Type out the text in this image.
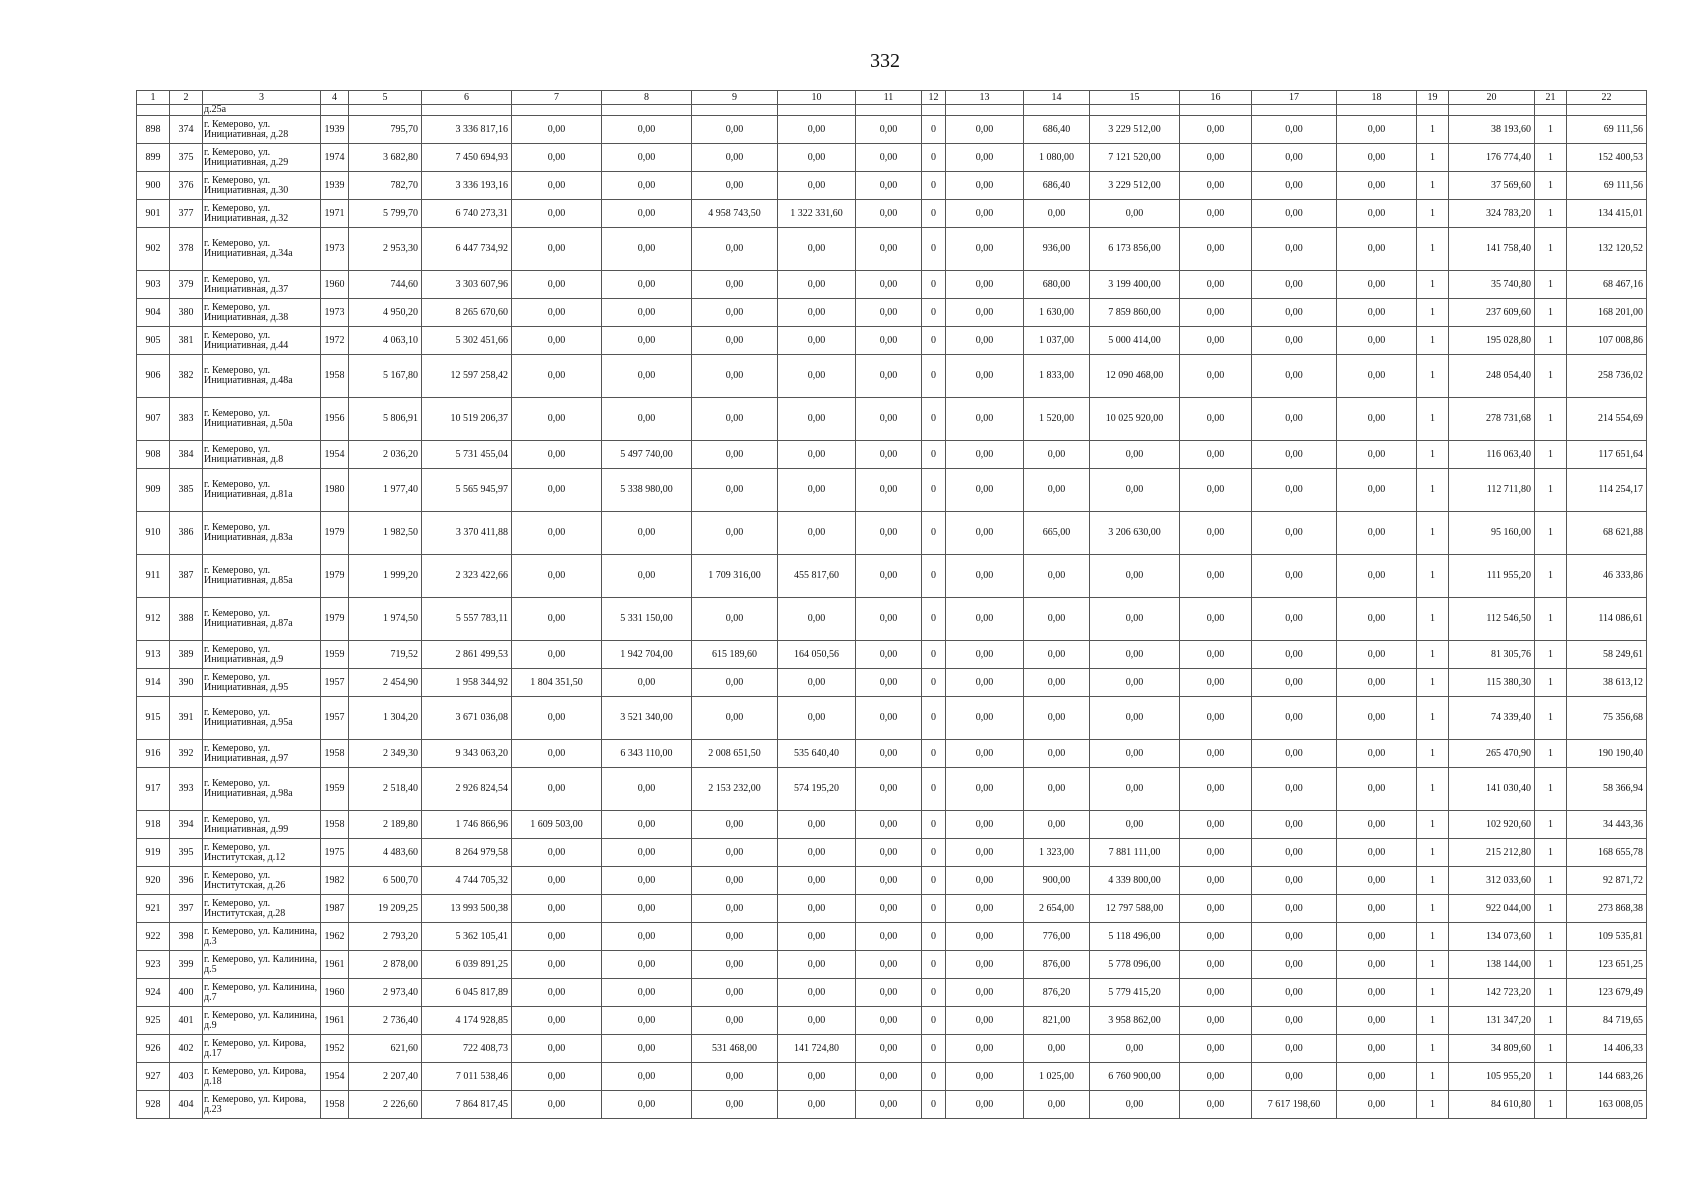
332
1	2	3	4	5	6	7	8	9	10	11	12	13	14	15	16	17	18	19	20	21	22
		д.25а																			
898	374	г. Кемерово, ул. Инициативная, д.28	1939	795,70	3 336 817,16	0,00	0,00	0,00	0,00	0,00	0	0,00	686,40	3 229 512,00	0,00	0,00	0,00	1	38 193,60	1	69 111,56
899	375	г. Кемерово, ул. Инициативная, д.29	1974	3 682,80	7 450 694,93	0,00	0,00	0,00	0,00	0,00	0	0,00	1 080,00	7 121 520,00	0,00	0,00	0,00	1	176 774,40	1	152 400,53
900	376	г. Кемерово, ул. Инициативная, д.30	1939	782,70	3 336 193,16	0,00	0,00	0,00	0,00	0,00	0	0,00	686,40	3 229 512,00	0,00	0,00	0,00	1	37 569,60	1	69 111,56
901	377	г. Кемерово, ул. Инициативная, д.32	1971	5 799,70	6 740 273,31	0,00	0,00	4 958 743,50	1 322 331,60	0,00	0	0,00	0,00	0,00	0,00	0,00	0,00	1	324 783,20	1	134 415,01
902	378	г. Кемерово, ул. Инициативная, д.34а	1973	2 953,30	6 447 734,92	0,00	0,00	0,00	0,00	0,00	0	0,00	936,00	6 173 856,00	0,00	0,00	0,00	1	141 758,40	1	132 120,52
903	379	г. Кемерово, ул. Инициативная, д.37	1960	744,60	3 303 607,96	0,00	0,00	0,00	0,00	0,00	0	0,00	680,00	3 199 400,00	0,00	0,00	0,00	1	35 740,80	1	68 467,16
904	380	г. Кемерово, ул. Инициативная, д.38	1973	4 950,20	8 265 670,60	0,00	0,00	0,00	0,00	0,00	0	0,00	1 630,00	7 859 860,00	0,00	0,00	0,00	1	237 609,60	1	168 201,00
905	381	г. Кемерово, ул. Инициативная, д.44	1972	4 063,10	5 302 451,66	0,00	0,00	0,00	0,00	0,00	0	0,00	1 037,00	5 000 414,00	0,00	0,00	0,00	1	195 028,80	1	107 008,86
906	382	г. Кемерово, ул. Инициативная, д.48а	1958	5 167,80	12 597 258,42	0,00	0,00	0,00	0,00	0,00	0	0,00	1 833,00	12 090 468,00	0,00	0,00	0,00	1	248 054,40	1	258 736,02
907	383	г. Кемерово, ул. Инициативная, д.50а	1956	5 806,91	10 519 206,37	0,00	0,00	0,00	0,00	0,00	0	0,00	1 520,00	10 025 920,00	0,00	0,00	0,00	1	278 731,68	1	214 554,69
908	384	г. Кемерово, ул. Инициативная, д.8	1954	2 036,20	5 731 455,04	0,00	5 497 740,00	0,00	0,00	0,00	0	0,00	0,00	0,00	0,00	0,00	0,00	1	116 063,40	1	117 651,64
909	385	г. Кемерово, ул. Инициативная, д.81а	1980	1 977,40	5 565 945,97	0,00	5 338 980,00	0,00	0,00	0,00	0	0,00	0,00	0,00	0,00	0,00	0,00	1	112 711,80	1	114 254,17
910	386	г. Кемерово, ул. Инициативная, д.83а	1979	1 982,50	3 370 411,88	0,00	0,00	0,00	0,00	0,00	0	0,00	665,00	3 206 630,00	0,00	0,00	0,00	1	95 160,00	1	68 621,88
911	387	г. Кемерово, ул. Инициативная, д.85а	1979	1 999,20	2 323 422,66	0,00	0,00	1 709 316,00	455 817,60	0,00	0	0,00	0,00	0,00	0,00	0,00	0,00	1	111 955,20	1	46 333,86
912	388	г. Кемерово, ул. Инициативная, д.87а	1979	1 974,50	5 557 783,11	0,00	5 331 150,00	0,00	0,00	0,00	0	0,00	0,00	0,00	0,00	0,00	0,00	1	112 546,50	1	114 086,61
913	389	г. Кемерово, ул. Инициативная, д.9	1959	719,52	2 861 499,53	0,00	1 942 704,00	615 189,60	164 050,56	0,00	0	0,00	0,00	0,00	0,00	0,00	0,00	1	81 305,76	1	58 249,61
914	390	г. Кемерово, ул. Инициативная, д.95	1957	2 454,90	1 958 344,92	1 804 351,50	0,00	0,00	0,00	0,00	0	0,00	0,00	0,00	0,00	0,00	0,00	1	115 380,30	1	38 613,12
915	391	г. Кемерово, ул. Инициативная, д.95а	1957	1 304,20	3 671 036,08	0,00	3 521 340,00	0,00	0,00	0,00	0	0,00	0,00	0,00	0,00	0,00	0,00	1	74 339,40	1	75 356,68
916	392	г. Кемерово, ул. Инициативная, д.97	1958	2 349,30	9 343 063,20	0,00	6 343 110,00	2 008 651,50	535 640,40	0,00	0	0,00	0,00	0,00	0,00	0,00	0,00	1	265 470,90	1	190 190,40
917	393	г. Кемерово, ул. Инициативная, д.98а	1959	2 518,40	2 926 824,54	0,00	0,00	2 153 232,00	574 195,20	0,00	0	0,00	0,00	0,00	0,00	0,00	0,00	1	141 030,40	1	58 366,94
918	394	г. Кемерово, ул. Инициативная, д.99	1958	2 189,80	1 746 866,96	1 609 503,00	0,00	0,00	0,00	0,00	0	0,00	0,00	0,00	0,00	0,00	0,00	1	102 920,60	1	34 443,36
919	395	г. Кемерово, ул. Институтская, д.12	1975	4 483,60	8 264 979,58	0,00	0,00	0,00	0,00	0,00	0	0,00	1 323,00	7 881 111,00	0,00	0,00	0,00	1	215 212,80	1	168 655,78
920	396	г. Кемерово, ул. Институтская, д.26	1982	6 500,70	4 744 705,32	0,00	0,00	0,00	0,00	0,00	0	0,00	900,00	4 339 800,00	0,00	0,00	0,00	1	312 033,60	1	92 871,72
921	397	г. Кемерово, ул. Институтская, д.28	1987	19 209,25	13 993 500,38	0,00	0,00	0,00	0,00	0,00	0	0,00	2 654,00	12 797 588,00	0,00	0,00	0,00	1	922 044,00	1	273 868,38
922	398	г. Кемерово, ул. Калинина, д.3	1962	2 793,20	5 362 105,41	0,00	0,00	0,00	0,00	0,00	0	0,00	776,00	5 118 496,00	0,00	0,00	0,00	1	134 073,60	1	109 535,81
923	399	г. Кемерово, ул. Калинина, д.5	1961	2 878,00	6 039 891,25	0,00	0,00	0,00	0,00	0,00	0	0,00	876,00	5 778 096,00	0,00	0,00	0,00	1	138 144,00	1	123 651,25
924	400	г. Кемерово, ул. Калинина, д.7	1960	2 973,40	6 045 817,89	0,00	0,00	0,00	0,00	0,00	0	0,00	876,20	5 779 415,20	0,00	0,00	0,00	1	142 723,20	1	123 679,49
925	401	г. Кемерово, ул. Калинина, д.9	1961	2 736,40	4 174 928,85	0,00	0,00	0,00	0,00	0,00	0	0,00	821,00	3 958 862,00	0,00	0,00	0,00	1	131 347,20	1	84 719,65
926	402	г. Кемерово, ул. Кирова, д.17	1952	621,60	722 408,73	0,00	0,00	531 468,00	141 724,80	0,00	0	0,00	0,00	0,00	0,00	0,00	0,00	1	34 809,60	1	14 406,33
927	403	г. Кемерово, ул. Кирова, д.18	1954	2 207,40	7 011 538,46	0,00	0,00	0,00	0,00	0,00	0	0,00	1 025,00	6 760 900,00	0,00	0,00	0,00	1	105 955,20	1	144 683,26
928	404	г. Кемерово, ул. Кирова, д.23	1958	2 226,60	7 864 817,45	0,00	0,00	0,00	0,00	0,00	0	0,00	0,00	0,00	0,00	7 617 198,60	0,00	1	84 610,80	1	163 008,05
